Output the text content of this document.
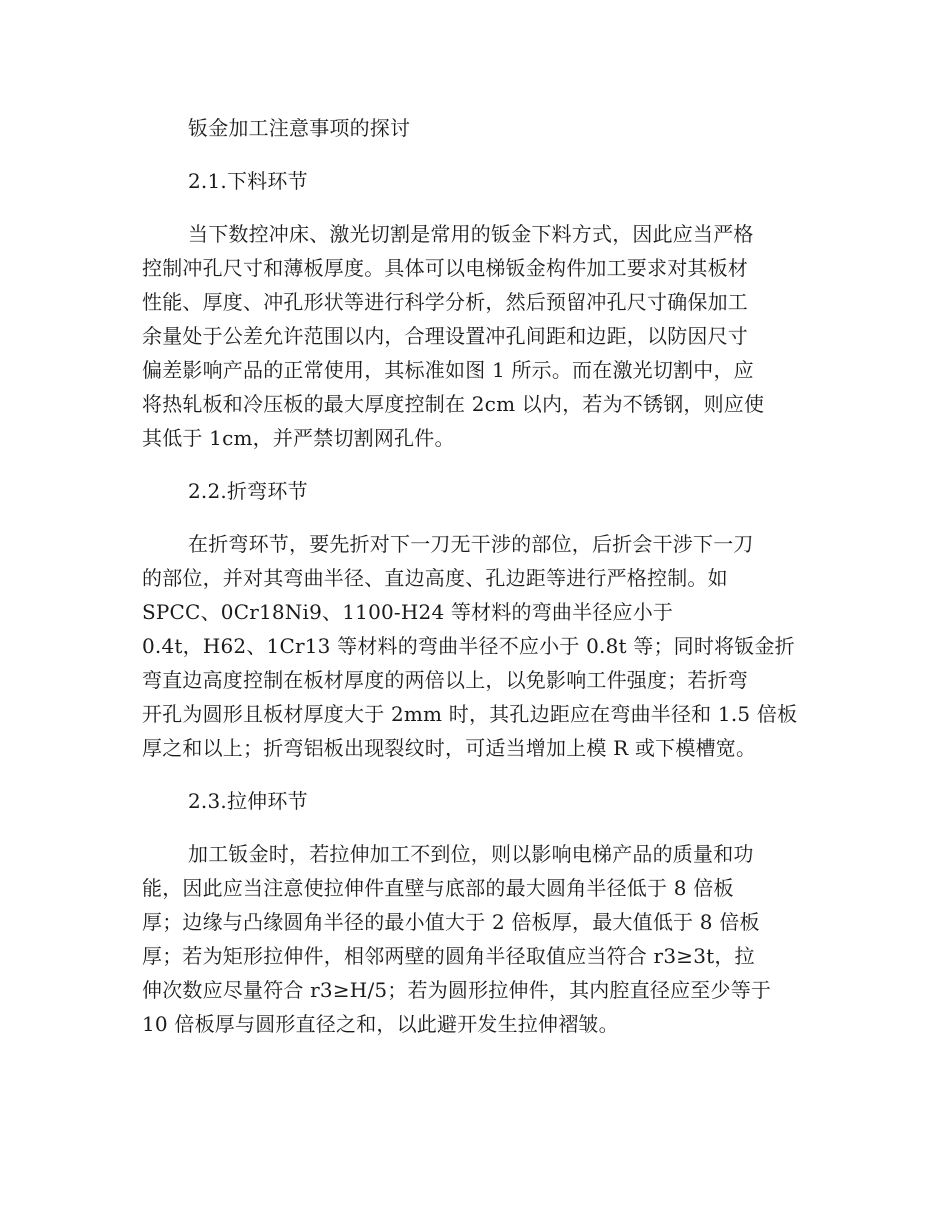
钣金加工注意事项的探讨
2.1.下料环节
当下数控冲床、激光切割是常用的钣金下料方式，因此应当严格
控制冲孔尺寸和薄板厚度。具体可以电梯钣金构件加工要求对其板材
性能、厚度、冲孔形状等进行科学分析，然后预留冲孔尺寸确保加工
余量处于公差允许范围以内，合理设置冲孔间距和边距，以防因尺寸
偏差影响产品的正常使用，其标准如图 1 所示。而在激光切割中，应
将热轧板和冷压板的最大厚度控制在 2cm 以内，若为不锈钢，则应使
其低于 1cm，并严禁切割网孔件。
2.2.折弯环节
在折弯环节，要先折对下一刀无干涉的部位，后折会干涉下一刀
的部位，并对其弯曲半径、直边高度、孔边距等进行严格控制。如
SPCC、0Cr18Ni9、1100-H24 等材料的弯曲半径应小于
0.4t，H62、1Cr13 等材料的弯曲半径不应小于 0.8t 等；同时将钣金折
弯直边高度控制在板材厚度的两倍以上，以免影响工件强度；若折弯
开孔为圆形且板材厚度大于 2mm 时，其孔边距应在弯曲半径和 1.5 倍板
厚之和以上；折弯铝板出现裂纹时，可适当增加上模 R 或下模槽宽。
2.3.拉伸环节
加工钣金时，若拉伸加工不到位，则以影响电梯产品的质量和功
能，因此应当注意使拉伸件直壁与底部的最大圆角半径低于 8 倍板
厚；边缘与凸缘圆角半径的最小值大于 2 倍板厚，最大值低于 8 倍板
厚；若为矩形拉伸件，相邻两壁的圆角半径取值应当符合 r3≥3t，拉
伸次数应尽量符合 r3≥H/5；若为圆形拉伸件，其内腔直径应至少等于
10 倍板厚与圆形直径之和，以此避开发生拉伸褶皱。
